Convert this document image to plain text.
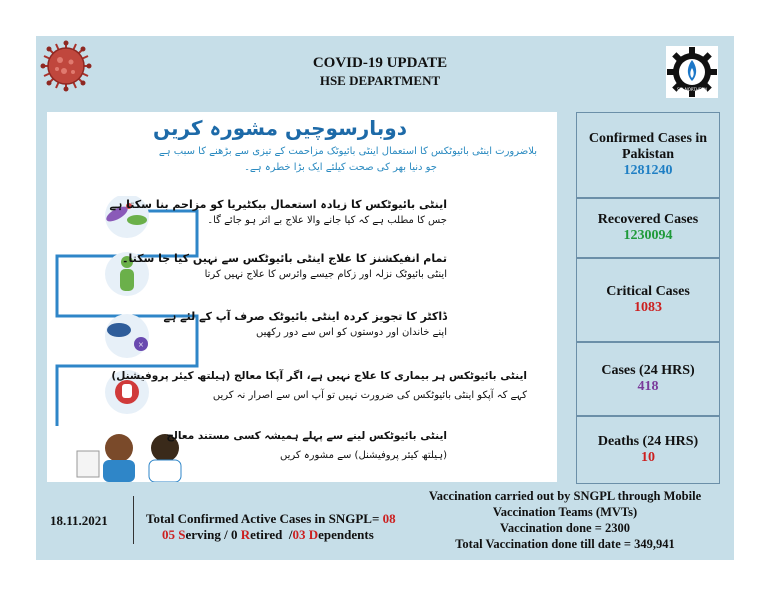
COVID-19 UPDATE
HSE DEPARTMENT
SUI NORTHERN
دوبارسوچیں مشورہ کریں
بلاضرورت اینٹی بائیوٹکس کا استعمال اینٹی بائیوٹک مزاحمت کے تیزی سے بڑھنے کا سبب ہے
جو دنیا بھر کی صحت کیلئے ایک بڑا خطرہ ہے۔
×
اینٹی بائیوٹکس کا زیادہ استعمال بیکٹیریا کو مزاحم بنا سکتا ہے
جس کا مطلب ہے کہ کیا جانے والا علاج بے اثر ہو جائے گا۔
تمام انفیکشنز کا علاج اینٹی بائیوٹکس سے نہیں کیا جا سکتا۔
اینٹی بائیوٹک نزلہ اور زکام جیسے وائرس کا علاج نہیں کرتا
ڈاکٹر کا تجویز کردہ اینٹی بائیوٹک صرف آپ کے لئے ہے
اپنے خاندان اور دوستوں کو اس سے دور رکھیں
اینٹی بائیوٹکس ہر بیماری کا علاج نہیں ہے، اگر آپکا معالج (ہیلتھ کیئر پروفیشنل)
کہے کہ آپکو اینٹی بائیوٹکس کی ضرورت نہیں تو آپ اس سے اصرار نہ کریں
اینٹی بائیوٹکس لینے سے پہلے ہمیشہ کسی مستند معالج
(ہیلتھ کیئر پروفیشنل) سے مشورہ کریں
Confirmed Cases in Pakistan
1281240
Recovered Cases
1230094
Critical Cases
1083
Cases (24 HRS)
418
Deaths (24 HRS)
10
18.11.2021	Total Confirmed Active Cases in SNGPL= 08
05 Serving / 0 Retired  /03 Dependents
Vaccination carried out by SNGPL through Mobile
Vaccination Teams (MVTs)
Vaccination done = 2300
Total Vaccination done till date = 349,941
